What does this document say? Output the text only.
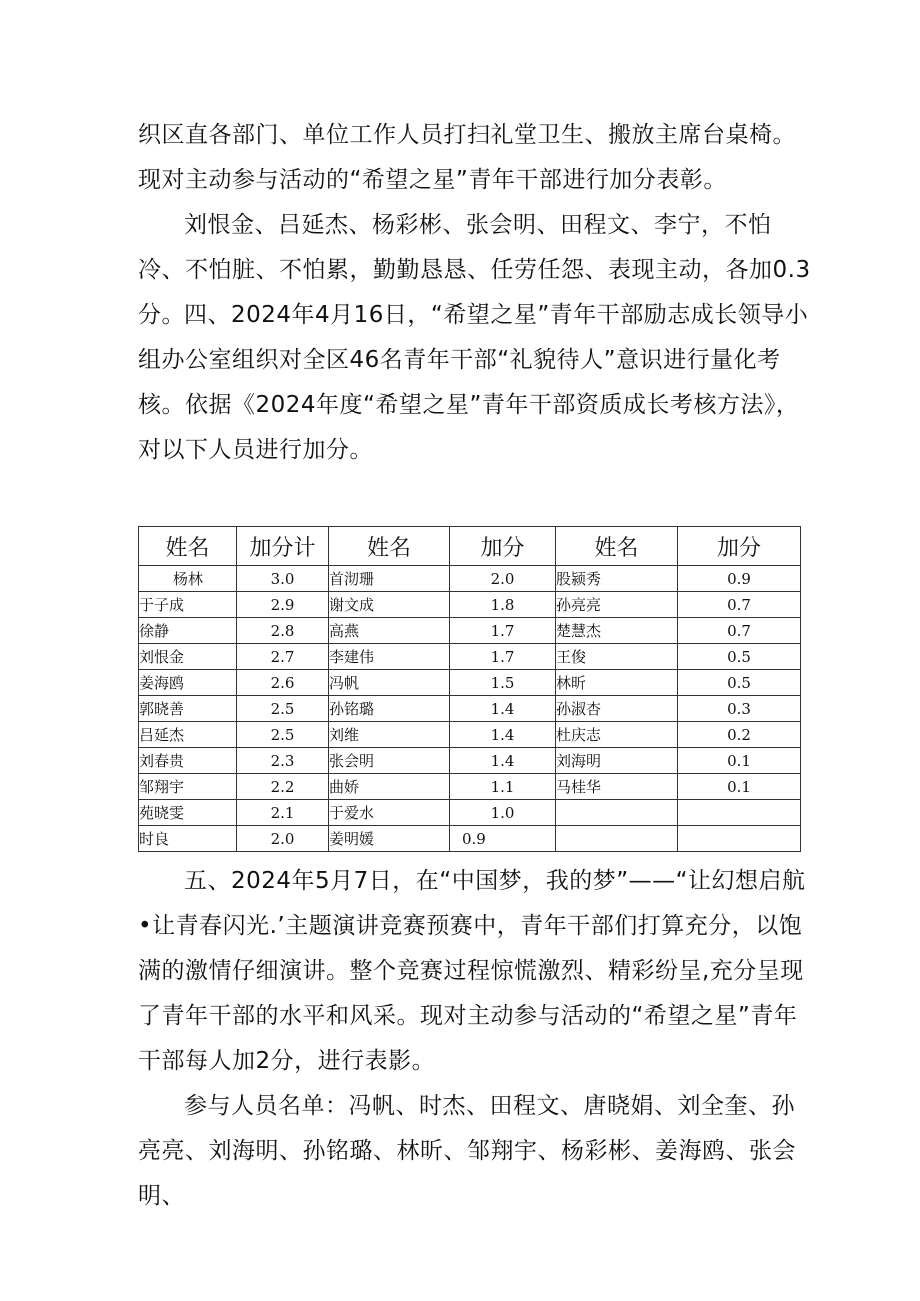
织区直各部门、单位工作人员打扫礼堂卫生、搬放主席台桌椅。现对主动参与活动的“希望之星”青年干部进行加分表彰。

刘恨金、吕延杰、杨彩彬、张会明、田程文、李宁，不怕冷、不怕脏、不怕累，勤勤恳恳、任劳任怨、表现主动，各加0.3分。 四、2024年4月16日，“希望之星”青年干部励志成长领导小组办公室组织对全区46名青年干部“礼貌待人”意识进行量化考核。依据《2024年度“希望之星”青年干部资质成长考核方法》，对以下人员进行加分。

姓名	加分计	姓名	加分	姓名	加分
杨林	3.0	首沏珊	2.0	股颍秀	0.9
于子成	2.9	谢文成	1.8	孙亮亮	0.7
徐静	2.8	高燕	1.7	楚慧杰	0.7
刘恨金	2.7	李建伟	1.7	王俊	0.5
姜海鸥	2.6	冯帆	1.5	林昕	0.5
郭晓善	2.5	孙铭璐	1.4	孙淑杏	0.3
吕延杰	2.5	刘维	1.4	杜庆志	0.2
刘春贵	2.3	张会明	1.4	刘海明	0.1
邹翔宇	2.2	曲娇	1.1	马桂华	0.1
苑晓雯	2.1	于爱水	1.0		
时良	2.0	姜明媛	0.9		

五、2024年5月7日，在“中国梦，我的梦”——“让幻想启航•让青春闪光.’主题演讲竞赛预赛中，青年干部们打算充分，以饱满的激情仔细演讲。整个竞赛过程惊慌激烈、精彩纷呈,充分呈现了青年干部的水平和风采。现对主动参与活动的“希望之星”青年干部每人加2分，进行表影。

参与人员名单：冯帆、时杰、田程文、唐晓娟、刘全奎、孙亮亮、刘海明、孙铭璐、林昕、邹翔宇、杨彩彬、姜海鸥、张会明、
